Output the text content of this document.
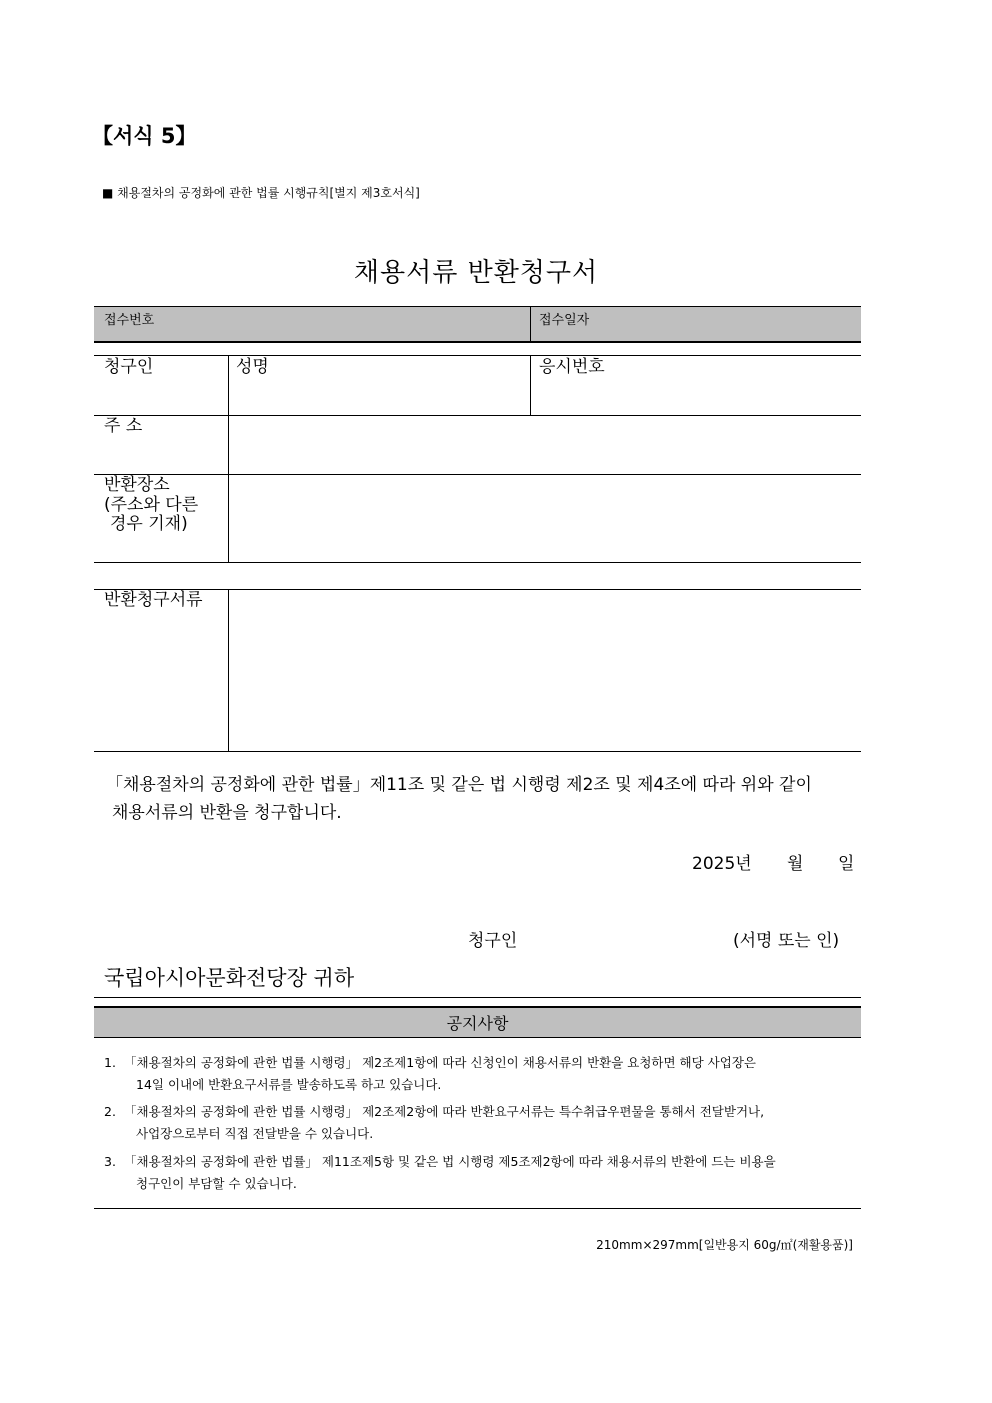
【서식 5】
■ 채용절차의 공정화에 관한 법률 시행규칙[별지 제3호서식]
채용서류 반환청구서
접수번호	접수일자
청구인	성명	응시번호
주 소
반환장소
(주소와 다른
경우 기재)
반환청구서류
「채용절차의 공정화에 관한 법률」제11조 및 같은 법 시행령 제2조 및 제4조에 따라 위와 같이
채용서류의 반환을 청구합니다.
2025년 월 일
청구인	(서명 또는 인)
국립아시아문화전당장 귀하
공지사항
1. 「채용절차의 공정화에 관한 법률 시행령」 제2조제1항에 따라 신청인이 채용서류의 반환을 요청하면 해당 사업장은
14일 이내에 반환요구서류를 발송하도록 하고 있습니다.
2. 「채용절차의 공정화에 관한 법률 시행령」 제2조제2항에 따라 반환요구서류는 특수취급우편물을 통해서 전달받거나,
사업장으로부터 직접 전달받을 수 있습니다.
3. 「채용절차의 공정화에 관한 법률」 제11조제5항 및 같은 법 시행령 제5조제2항에 따라 채용서류의 반환에 드는 비용을
청구인이 부담할 수 있습니다.
210mm×297mm[일반용지 60g/㎡(재활용품)]
